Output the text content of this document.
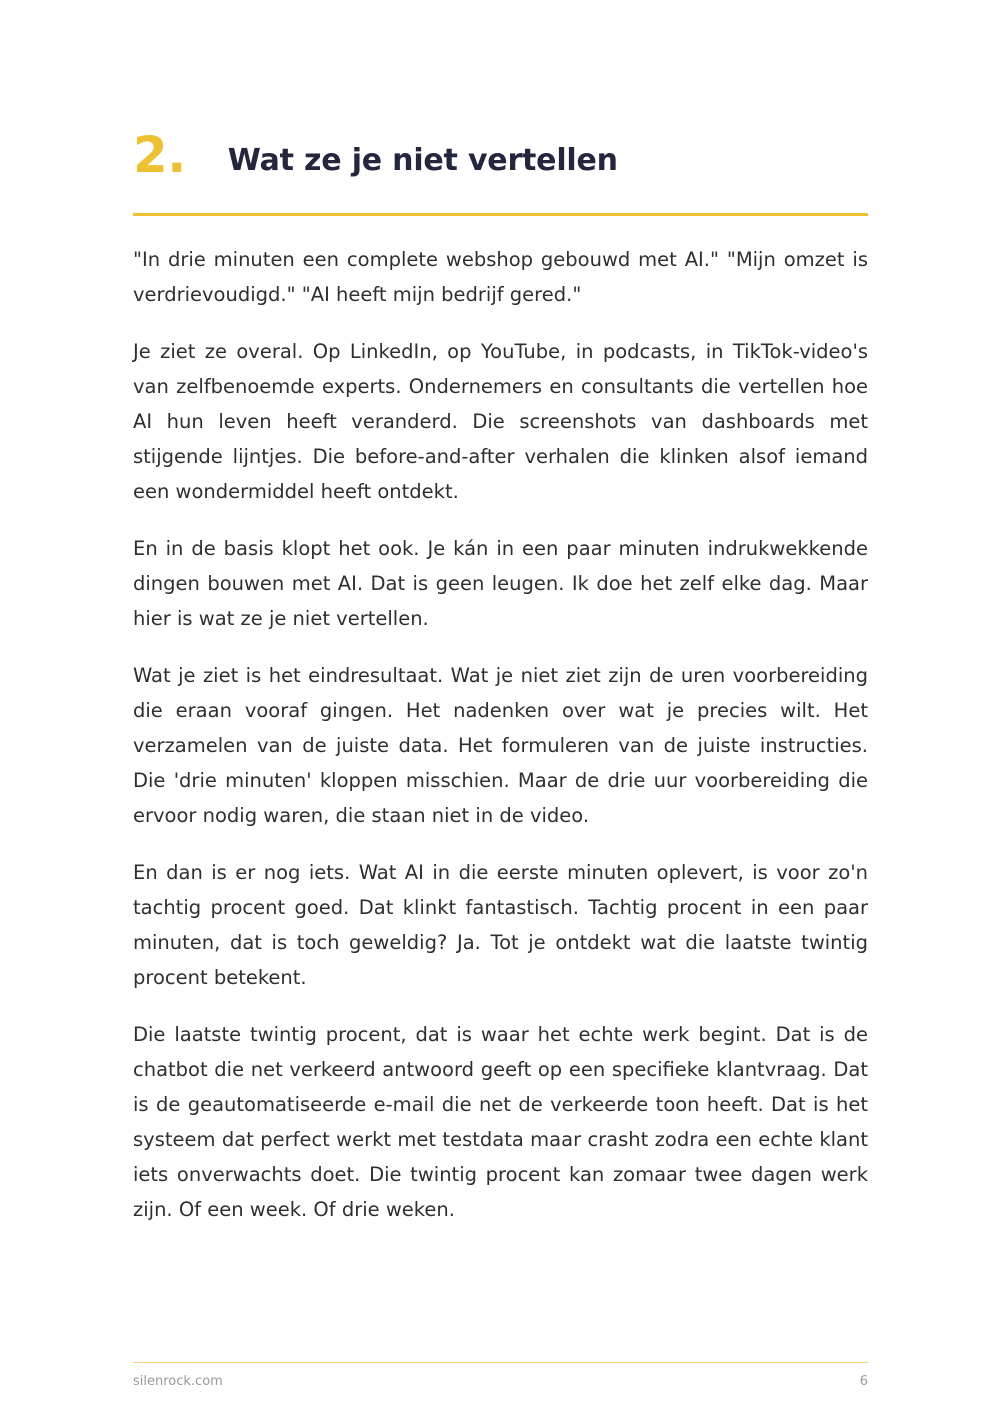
2. Wat ze je niet vertellen

"In drie minuten een complete webshop gebouwd met AI." "Mijn omzet is verdrievoudigd." "AI heeft mijn bedrijf gered."

Je ziet ze overal. Op LinkedIn, op YouTube, in podcasts, in TikTok-video's van zelfbenoemde experts. Ondernemers en consultants die vertellen hoe AI hun leven heeft veranderd. Die screenshots van dashboards met stijgende lijntjes. Die before-and-after verhalen die klinken alsof iemand een wondermiddel heeft ontdekt.

En in de basis klopt het ook. Je kán in een paar minuten indrukwekkende dingen bouwen met AI. Dat is geen leugen. Ik doe het zelf elke dag. Maar hier is wat ze je niet vertellen.

Wat je ziet is het eindresultaat. Wat je niet ziet zijn de uren voorbereiding die eraan vooraf gingen. Het nadenken over wat je precies wilt. Het verzamelen van de juiste data. Het formuleren van de juiste instructies. Die 'drie minuten' kloppen misschien. Maar de drie uur voorbereiding die ervoor nodig waren, die staan niet in de video.

En dan is er nog iets. Wat AI in die eerste minuten oplevert, is voor zo'n tachtig procent goed. Dat klinkt fantastisch. Tachtig procent in een paar minuten, dat is toch geweldig? Ja. Tot je ontdekt wat die laatste twintig procent betekent.

Die laatste twintig procent, dat is waar het echte werk begint. Dat is de chatbot die net verkeerd antwoord geeft op een specifieke klantvraag. Dat is de geautomatiseerde e-mail die net de verkeerde toon heeft. Dat is het systeem dat perfect werkt met testdata maar crasht zodra een echte klant iets onverwachts doet. Die twintig procent kan zomaar twee dagen werk zijn. Of een week. Of drie weken.

silenrock.com	6
